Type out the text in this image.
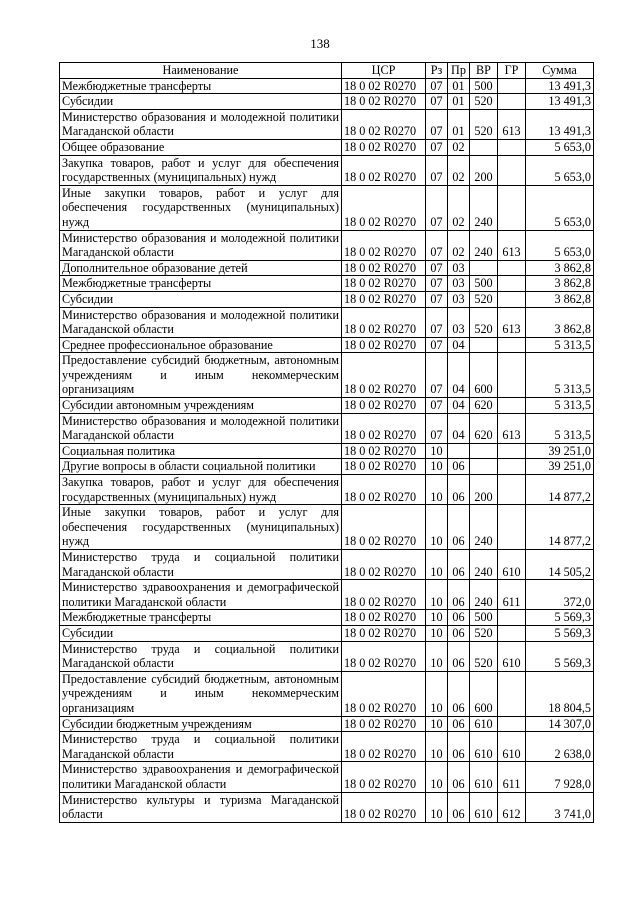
138
Наименование	ЦСР	Рз	Пр	ВР	ГР	Сумма
Межбюджетные трансферты	18 0 02 R0270	07	01	500		13 491,3
Субсидии	18 0 02 R0270	07	01	520		13 491,3
Министерство образования и молодежной политики Магаданской области	18 0 02 R0270	07	01	520	613	13 491,3
Общее образование	18 0 02 R0270	07	02			5 653,0
Закупка товаров, работ и услуг для обеспечения государственных (муниципальных) нужд	18 0 02 R0270	07	02	200		5 653,0
Иные закупки товаров, работ и услуг для обеспечения государственных (муниципальных) нужд	18 0 02 R0270	07	02	240		5 653,0
Министерство образования и молодежной политики Магаданской области	18 0 02 R0270	07	02	240	613	5 653,0
Дополнительное образование детей	18 0 02 R0270	07	03			3 862,8
Межбюджетные трансферты	18 0 02 R0270	07	03	500		3 862,8
Субсидии	18 0 02 R0270	07	03	520		3 862,8
Министерство образования и молодежной политики Магаданской области	18 0 02 R0270	07	03	520	613	3 862,8
Среднее профессиональное образование	18 0 02 R0270	07	04			5 313,5
Предоставление субсидий бюджетным, автономным учреждениям и иным некоммерческим организациям	18 0 02 R0270	07	04	600		5 313,5
Субсидии автономным учреждениям	18 0 02 R0270	07	04	620		5 313,5
Министерство образования и молодежной политики Магаданской области	18 0 02 R0270	07	04	620	613	5 313,5
Социальная политика	18 0 02 R0270	10				39 251,0
Другие вопросы в области социальной политики	18 0 02 R0270	10	06			39 251,0
Закупка товаров, работ и услуг для обеспечения государственных (муниципальных) нужд	18 0 02 R0270	10	06	200		14 877,2
Иные закупки товаров, работ и услуг для обеспечения государственных (муниципальных) нужд	18 0 02 R0270	10	06	240		14 877,2
Министерство труда и социальной политики Магаданской области	18 0 02 R0270	10	06	240	610	14 505,2
Министерство здравоохранения и демографической политики Магаданской области	18 0 02 R0270	10	06	240	611	372,0
Межбюджетные трансферты	18 0 02 R0270	10	06	500		5 569,3
Субсидии	18 0 02 R0270	10	06	520		5 569,3
Министерство труда и социальной политики Магаданской области	18 0 02 R0270	10	06	520	610	5 569,3
Предоставление субсидий бюджетным, автономным учреждениям и иным некоммерческим организациям	18 0 02 R0270	10	06	600		18 804,5
Субсидии бюджетным учреждениям	18 0 02 R0270	10	06	610		14 307,0
Министерство труда и социальной политики Магаданской области	18 0 02 R0270	10	06	610	610	2 638,0
Министерство здравоохранения и демографической политики Магаданской области	18 0 02 R0270	10	06	610	611	7 928,0
Министерство культуры и туризма Магаданской области	18 0 02 R0270	10	06	610	612	3 741,0
